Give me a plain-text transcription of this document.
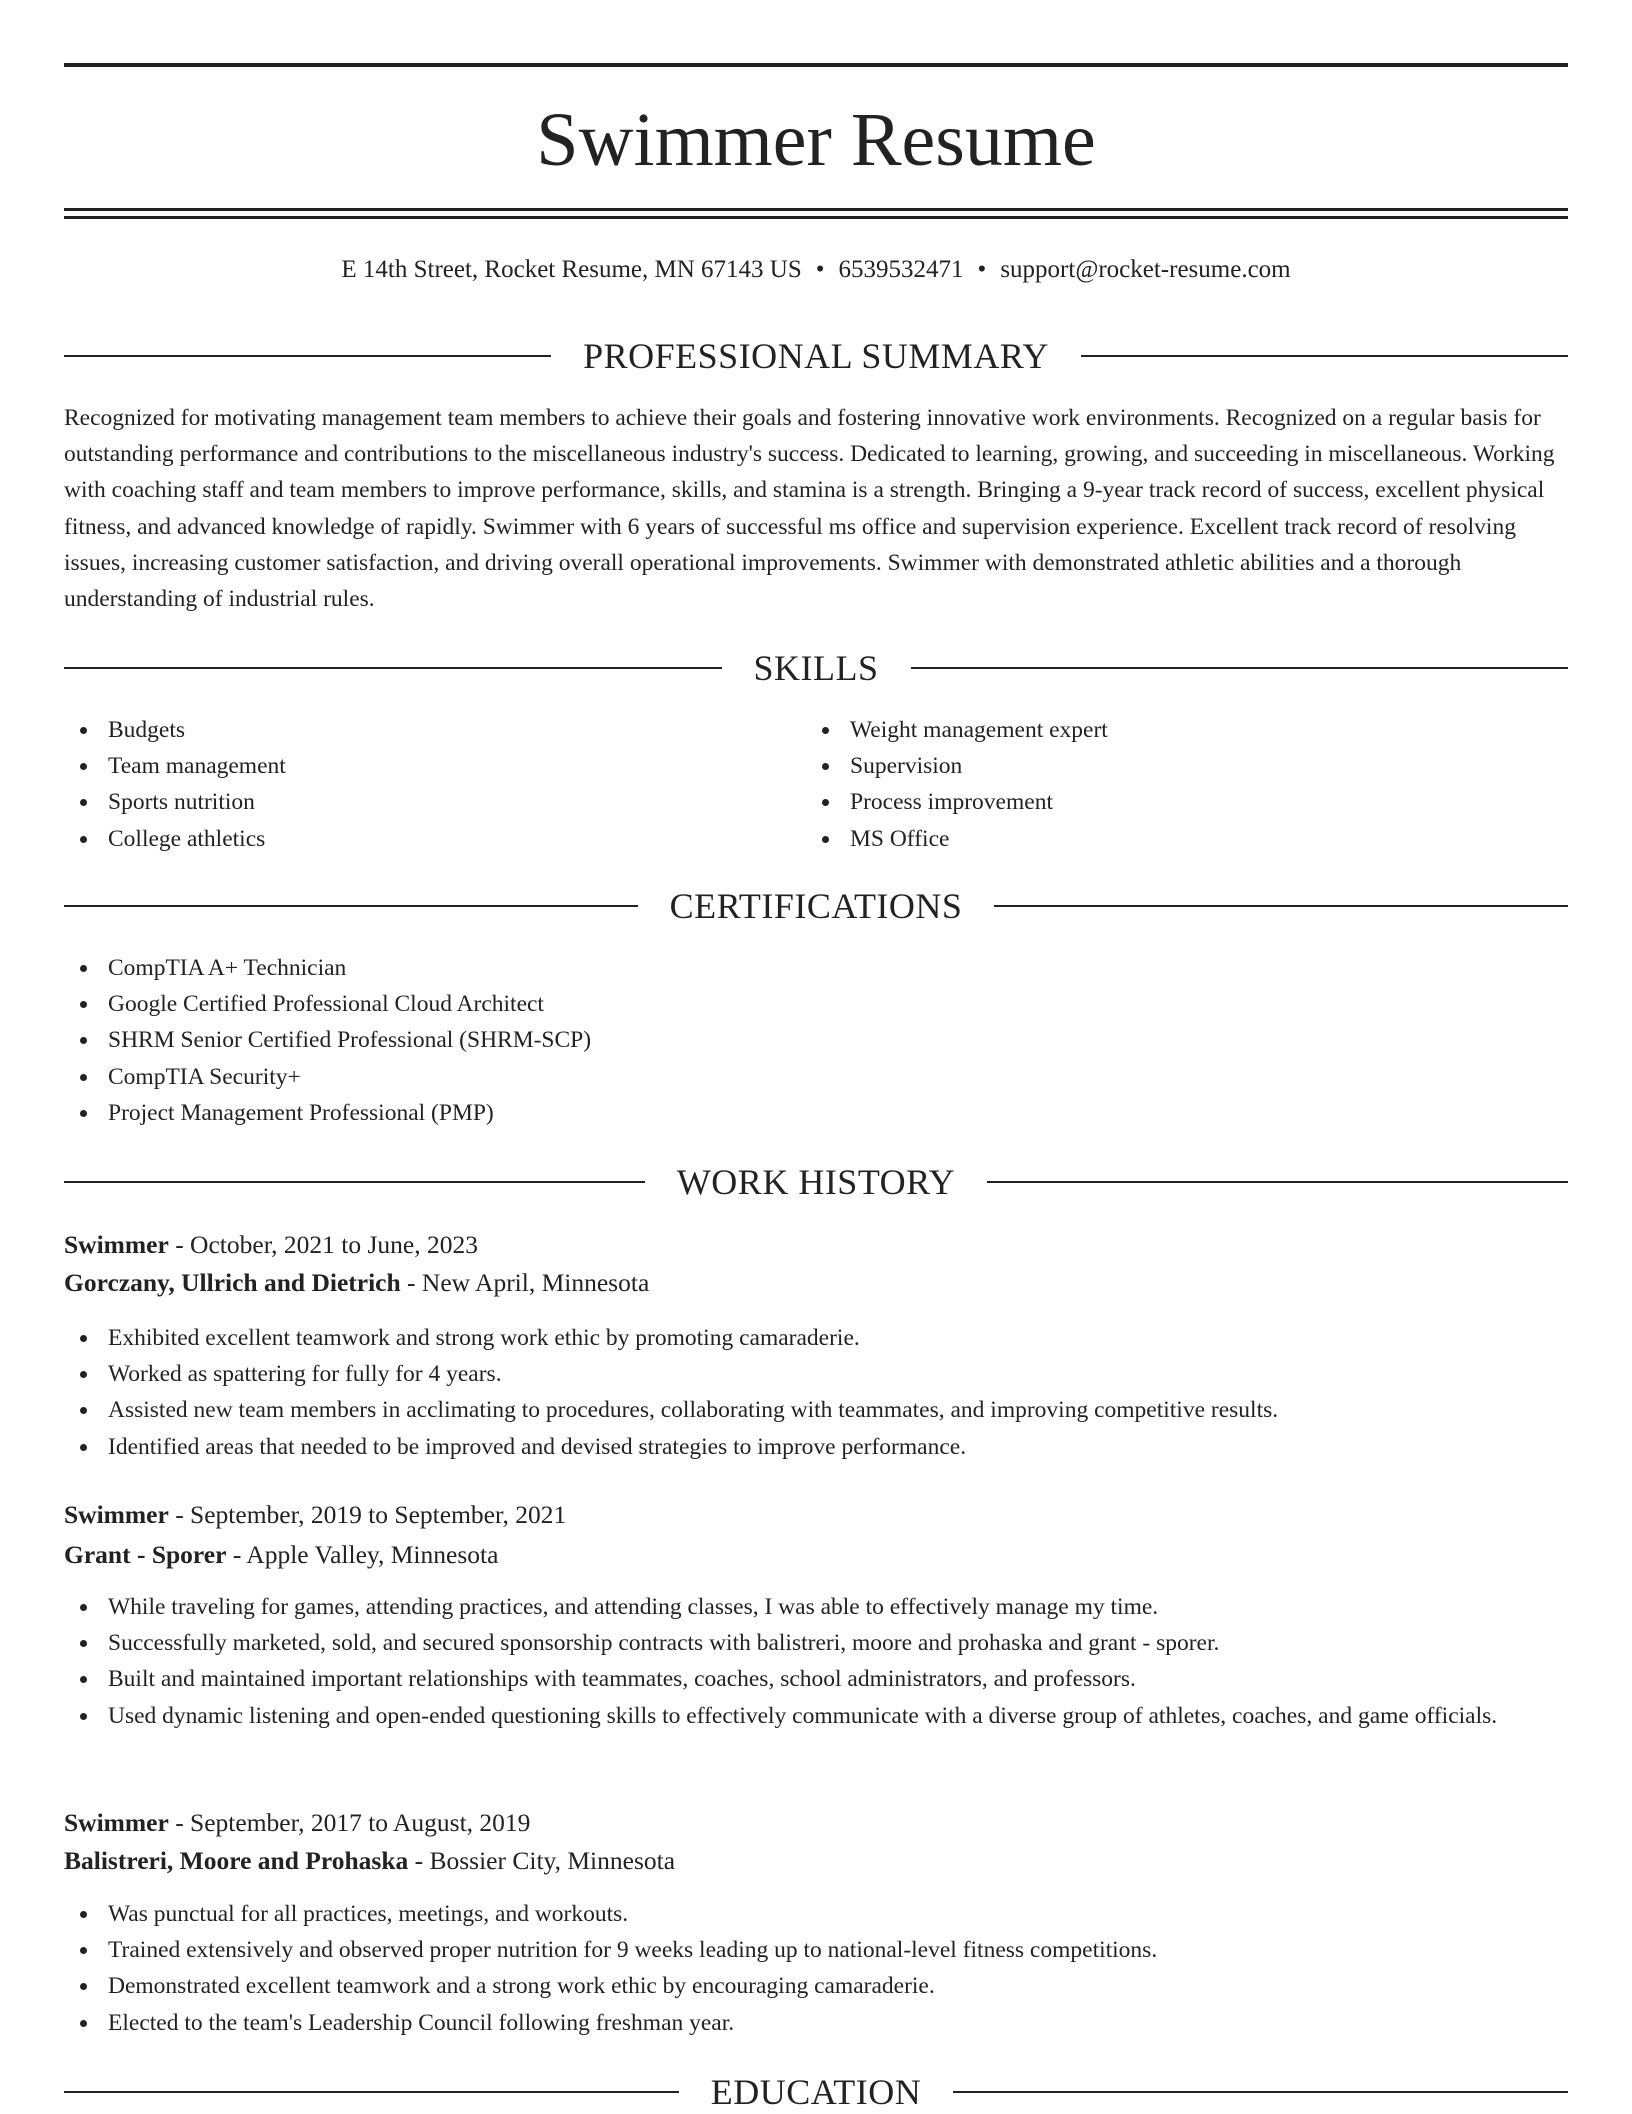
Swimmer Resume
E 14th Street, Rocket Resume, MN 67143 US • 6539532471 • support@rocket-resume.com
PROFESSIONAL SUMMARY

Recognized for motivating management team members to achieve their goals and fostering innovative work environments. Recognized on a regular basis for outstanding performance and contributions to the miscellaneous industry's success. Dedicated to learning, growing, and succeeding in miscellaneous. Working with coaching staff and team members to improve performance, skills, and stamina is a strength. Bringing a 9-year track record of success, excellent physical fitness, and advanced knowledge of rapidly. Swimmer with 6 years of successful ms office and supervision experience. Excellent track record of resolving issues, increasing customer satisfaction, and driving overall operational improvements. Swimmer with demonstrated athletic abilities and a thorough understanding of industrial rules.

SKILLS
Budgets
Team management
Sports nutrition
College athletics
Weight management expert
Supervision
Process improvement
MS Office
CERTIFICATIONS
CompTIA A+ Technician
Google Certified Professional Cloud Architect
SHRM Senior Certified Professional (SHRM-SCP)
CompTIA Security+
Project Management Professional (PMP)
WORK HISTORY

Swimmer - October, 2021 to June, 2023

Gorczany, Ullrich and Dietrich - New April, Minnesota

Exhibited excellent teamwork and strong work ethic by promoting camaraderie.
Worked as spattering for fully for 4 years.
Assisted new team members in acclimating to procedures, collaborating with teammates, and improving competitive results.
Identified areas that needed to be improved and devised strategies to improve performance.

Swimmer - September, 2019 to September, 2021

Grant - Sporer - Apple Valley, Minnesota

While traveling for games, attending practices, and attending classes, I was able to effectively manage my time.
Successfully marketed, sold, and secured sponsorship contracts with balistreri, moore and prohaska and grant - sporer.
Built and maintained important relationships with teammates, coaches, school administrators, and professors.
Used dynamic listening and open-ended questioning skills to effectively communicate with a diverse group of athletes, coaches, and game officials.

Swimmer - September, 2017 to August, 2019

Balistreri, Moore and Prohaska - Bossier City, Minnesota

Was punctual for all practices, meetings, and workouts.
Trained extensively and observed proper nutrition for 9 weeks leading up to national-level fitness competitions.
Demonstrated excellent teamwork and a strong work ethic by encouraging camaraderie.
Elected to the team's Leadership Council following freshman year.
EDUCATION
